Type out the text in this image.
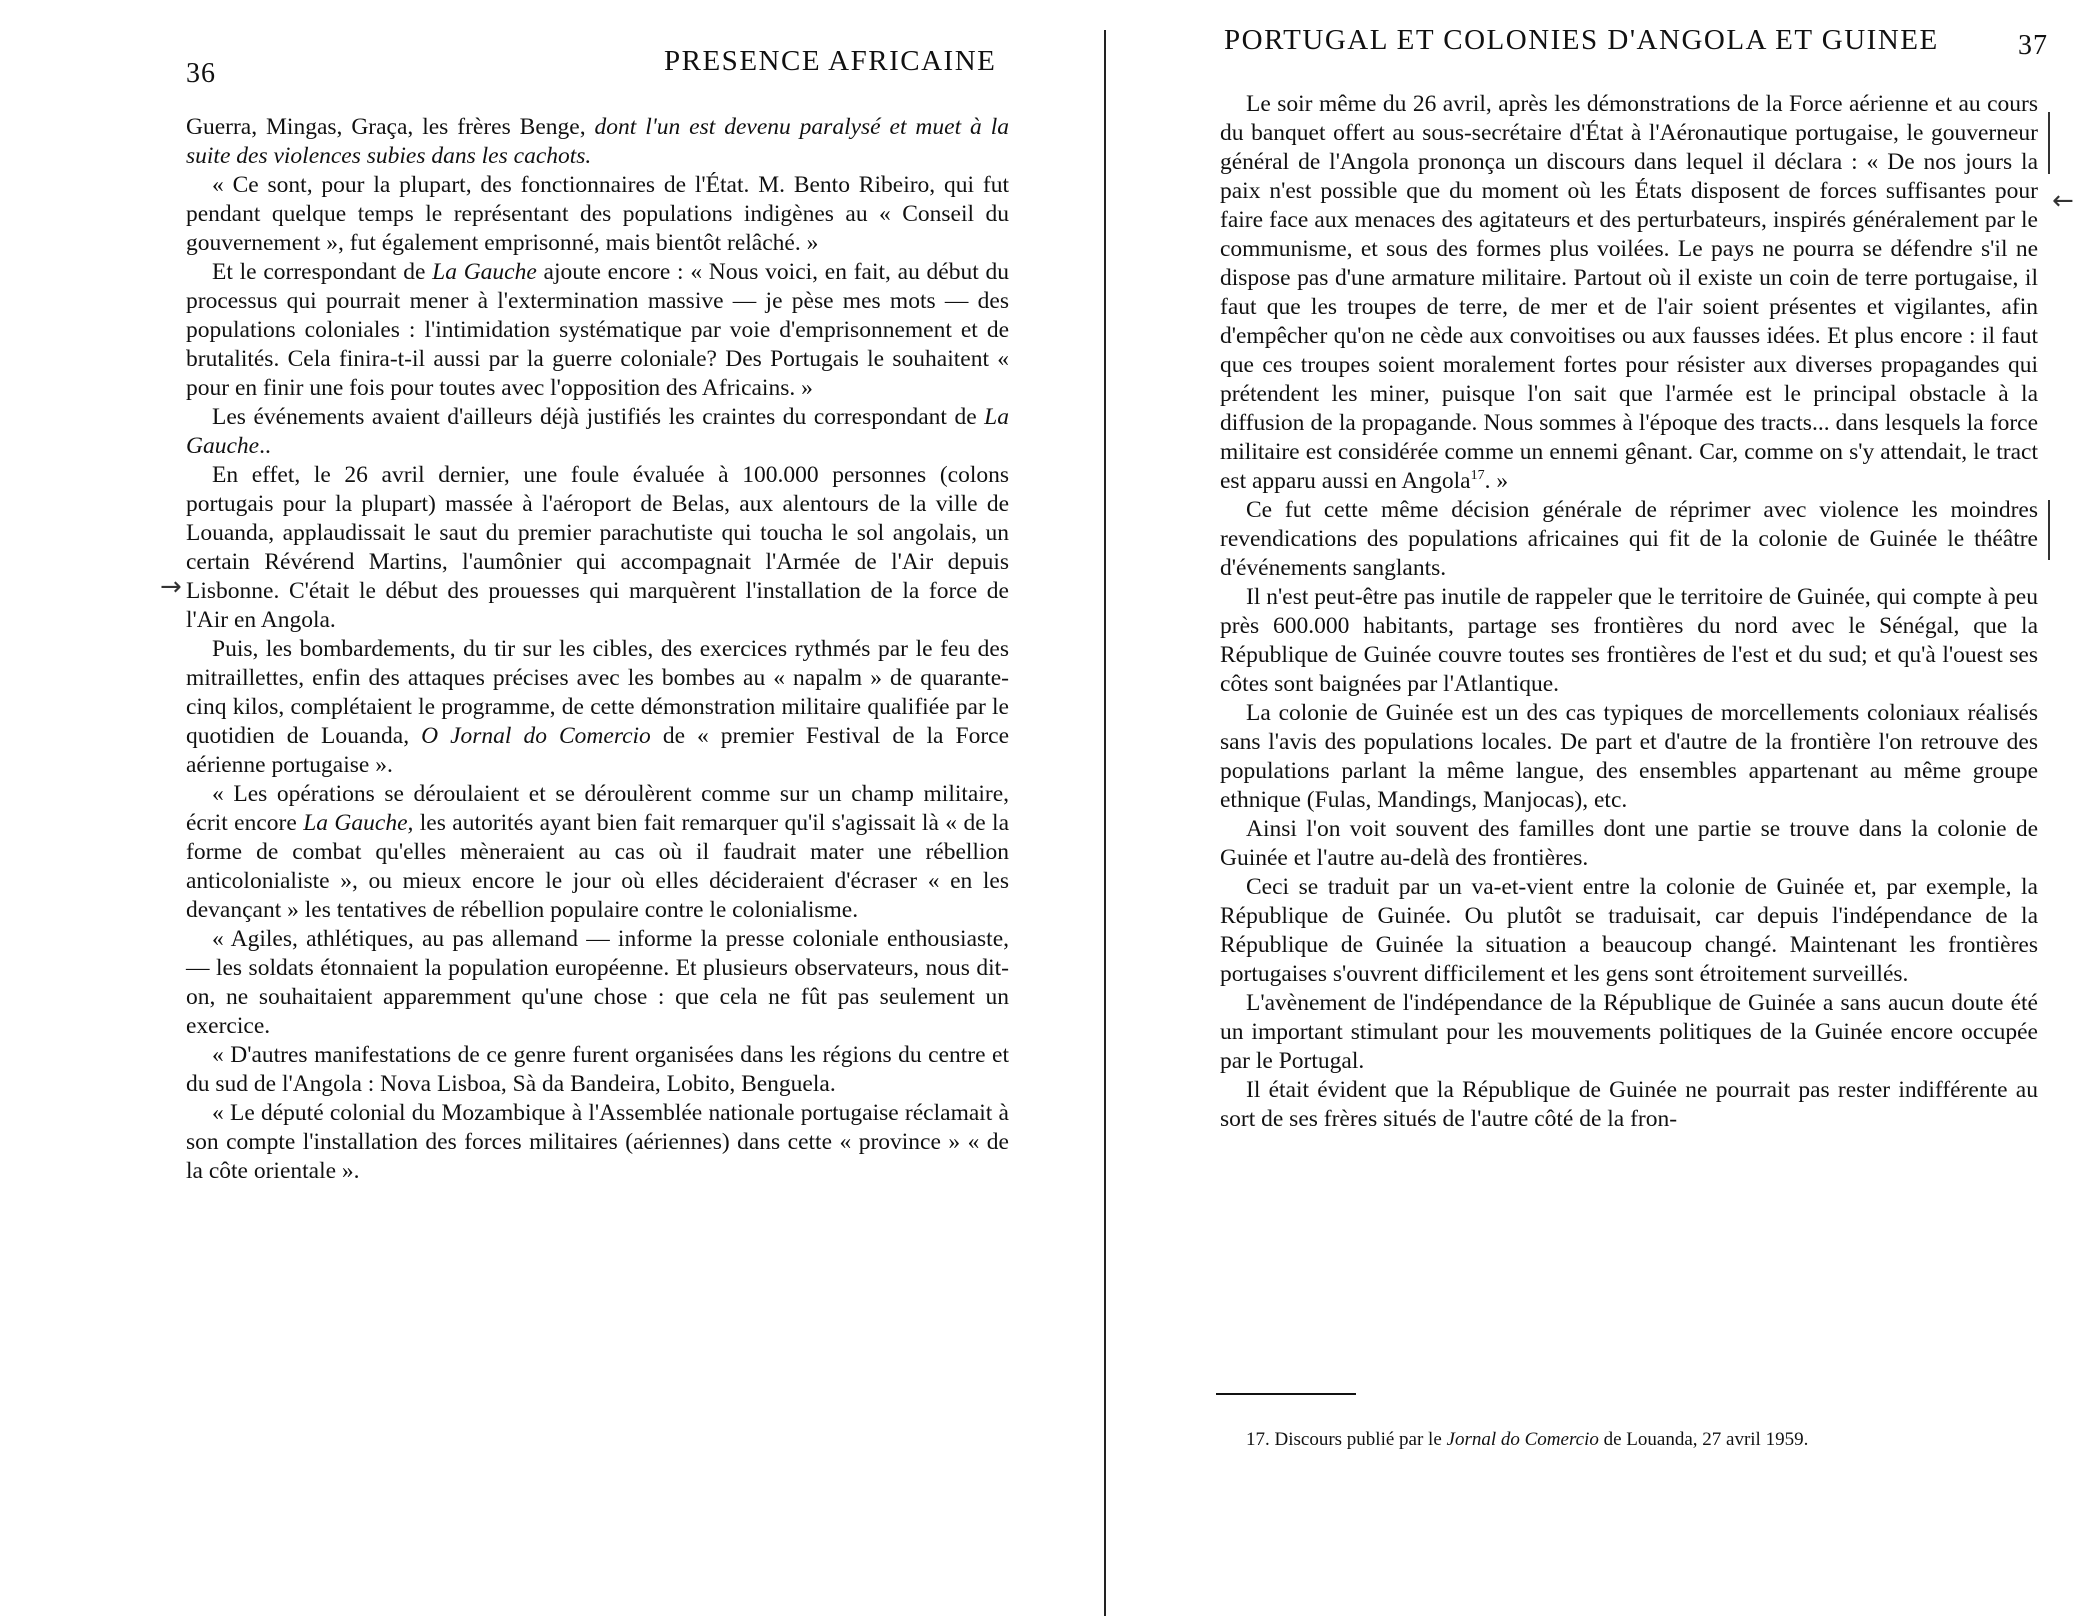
36	PRESENCE AFRICAINE

Guerra, Mingas, Graça, les frères Benge, dont l'un est devenu paralysé et muet à la suite des violences subies dans les cachots.

« Ce sont, pour la plupart, des fonctionnaires de l'État. M. Bento Ribeiro, qui fut pendant quelque temps le représentant des populations indigènes au « Conseil du gouvernement », fut également emprisonné, mais bientôt relâché. »

Et le correspondant de La Gauche ajoute encore : « Nous voici, en fait, au début du processus qui pourrait mener à l'extermination massive — je pèse mes mots — des populations coloniales : l'intimidation systématique par voie d'emprisonnement et de brutalités. Cela finira-t-il aussi par la guerre coloniale? Des Portugais le souhaitent « pour en finir une fois pour toutes avec l'opposition des Africains. »

Les événements avaient d'ailleurs déjà justifiés les craintes du correspondant de La Gauche..

En effet, le 26 avril dernier, une foule évaluée à 100.000 personnes (colons portugais pour la plupart) massée à l'aéroport de Belas, aux alentours de la ville de Louanda, applaudissait le saut du premier parachutiste qui toucha le sol angolais, un certain Révérend Martins, l'aumônier qui accompagnait l'Armée de l'Air depuis Lisbonne. C'était le début des prouesses qui marquèrent l'installation de la force de l'Air en Angola.

Puis, les bombardements, du tir sur les cibles, des exercices rythmés par le feu des mitraillettes, enfin des attaques précises avec les bombes au « napalm » de quarante-cinq kilos, complétaient le programme, de cette démonstration militaire qualifiée par le quotidien de Louanda, O Jornal do Comercio de « premier Festival de la Force aérienne portugaise ».

« Les opérations se déroulaient et se déroulèrent comme sur un champ militaire, écrit encore La Gauche, les autorités ayant bien fait remarquer qu'il s'agissait là « de la forme de combat qu'elles mèneraient au cas où il faudrait mater une rébellion anticolonialiste », ou mieux encore le jour où elles décideraient d'écraser « en les devançant » les tentatives de rébellion populaire contre le colonialisme.

« Agiles, athlétiques, au pas allemand — informe la presse coloniale enthousiaste, — les soldats étonnaient la population européenne. Et plusieurs observateurs, nous dit-on, ne souhaitaient apparemment qu'une chose : que cela ne fût pas seulement un exercice.

« D'autres manifestations de ce genre furent organisées dans les régions du centre et du sud de l'Angola : Nova Lisboa, Sà da Bandeira, Lobito, Benguela.

« Le député colonial du Mozambique à l'Assemblée nationale portugaise réclamait à son compte l'installation des forces militaires (aériennes) dans cette « province » « de la côte orientale ».

→
PORTUGAL ET COLONIES D'ANGOLA ET GUINEE	37

Le soir même du 26 avril, après les démonstrations de la Force aérienne et au cours du banquet offert au sous-secrétaire d'État à l'Aéronautique portugaise, le gouverneur général de l'Angola prononça un discours dans lequel il déclara : « De nos jours la paix n'est possible que du moment où les États disposent de forces suffisantes pour faire face aux menaces des agitateurs et des perturbateurs, inspirés généralement par le communisme, et sous des formes plus voilées. Le pays ne pourra se défendre s'il ne dispose pas d'une armature militaire. Partout où il existe un coin de terre portugaise, il faut que les troupes de terre, de mer et de l'air soient présentes et vigilantes, afin d'empêcher qu'on ne cède aux convoitises ou aux fausses idées. Et plus encore : il faut que ces troupes soient moralement fortes pour résister aux diverses propagandes qui prétendent les miner, puisque l'on sait que l'armée est le principal obstacle à la diffusion de la propagande. Nous sommes à l'époque des tracts... dans lesquels la force militaire est considérée comme un ennemi gênant. Car, comme on s'y attendait, le tract est apparu aussi en Angola$^{17}$. »

Ce fut cette même décision générale de réprimer avec violence les moindres revendications des populations africaines qui fit de la colonie de Guinée le théâtre d'événements sanglants.

Il n'est peut-être pas inutile de rappeler que le territoire de Guinée, qui compte à peu près 600.000 habitants, partage ses frontières du nord avec le Sénégal, que la République de Guinée couvre toutes ses frontières de l'est et du sud; et qu'à l'ouest ses côtes sont baignées par l'Atlantique.

La colonie de Guinée est un des cas typiques de morcellements coloniaux réalisés sans l'avis des populations locales. De part et d'autre de la frontière l'on retrouve des populations parlant la même langue, des ensembles appartenant au même groupe ethnique (Fulas, Mandings, Manjocas), etc.

Ainsi l'on voit souvent des familles dont une partie se trouve dans la colonie de Guinée et l'autre au-delà des frontières.

Ceci se traduit par un va-et-vient entre la colonie de Guinée et, par exemple, la République de Guinée. Ou plutôt se traduisait, car depuis l'indépendance de la République de Guinée la situation a beaucoup changé. Maintenant les frontières portugaises s'ouvrent difficilement et les gens sont étroitement surveillés.

L'avènement de l'indépendance de la République de Guinée a sans aucun doute été un important stimulant pour les mouvements politiques de la Guinée encore occupée par le Portugal.

Il était évident que la République de Guinée ne pourrait pas rester indifférente au sort de ses frères situés de l'autre côté de la fron-

17. Discours publié par le Jornal do Comercio de Louanda, 27 avril 1959.
←
